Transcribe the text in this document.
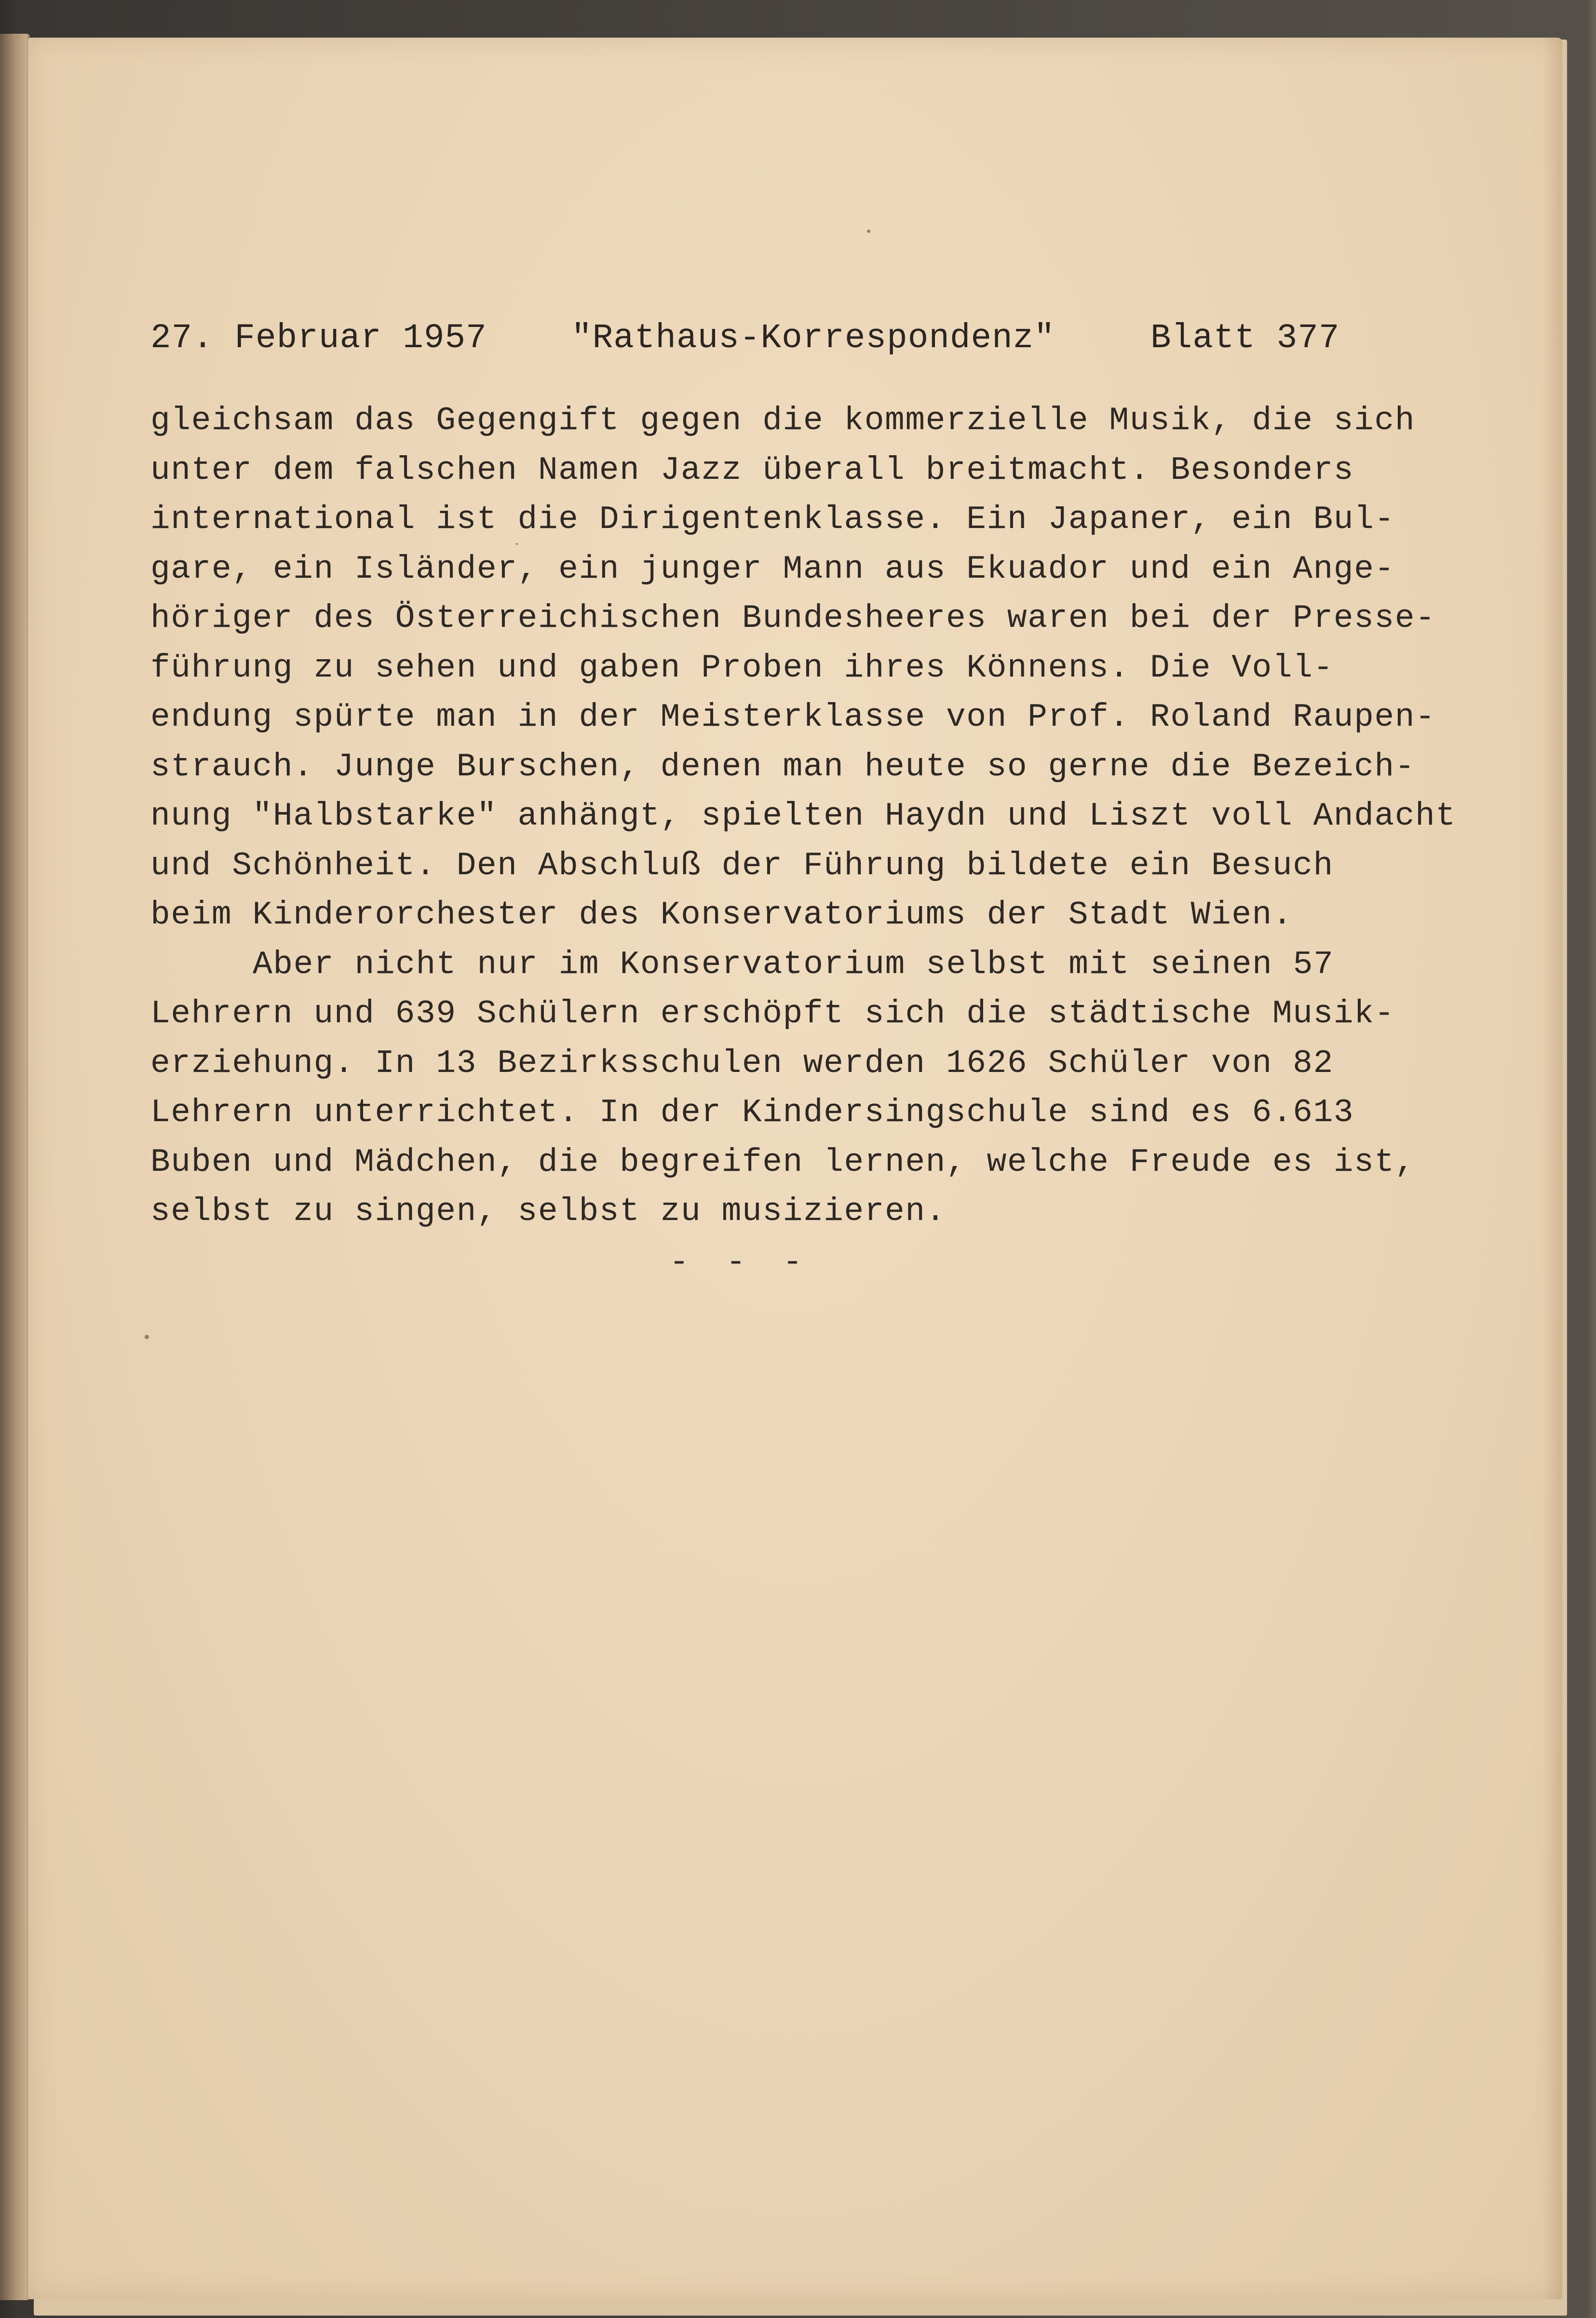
27. Februar 1957 "Rathaus-Korrespondenz"	Blatt 377
gleichsam das Gegengift gegen die kommerzielle Musik, die sich
unter dem falschen Namen Jazz überall breitmacht. Besonders
international ist die Dirigentenklasse. Ein Japaner, ein Bul-
gare, ein Isländer, ein junger Mann aus Ekuador und ein Ange-
höriger des Österreichischen Bundesheeres waren bei der Presse-
führung zu sehen und gaben Proben ihres Könnens. Die Voll-
endung spürte man in der Meisterklasse von Prof. Roland Raupen-
strauch. Junge Burschen, denen man heute so gerne die Bezeich-
nung "Halbstarke" anhängt, spielten Haydn und Liszt voll Andacht
und Schönheit. Den Abschluß der Führung bildete ein Besuch
beim Kinderorchester des Konservatoriums der Stadt Wien.
Aber nicht nur im Konservatorium selbst mit seinen 57
Lehrern und 639 Schülern erschöpft sich die städtische Musik-
erziehung. In 13 Bezirksschulen werden 1626 Schüler von 82
Lehrern unterrichtet. In der Kindersingschule sind es 6.613
Buben und Mädchen, die begreifen lernen, welche Freude es ist,
selbst zu singen, selbst zu musizieren.
- - -
